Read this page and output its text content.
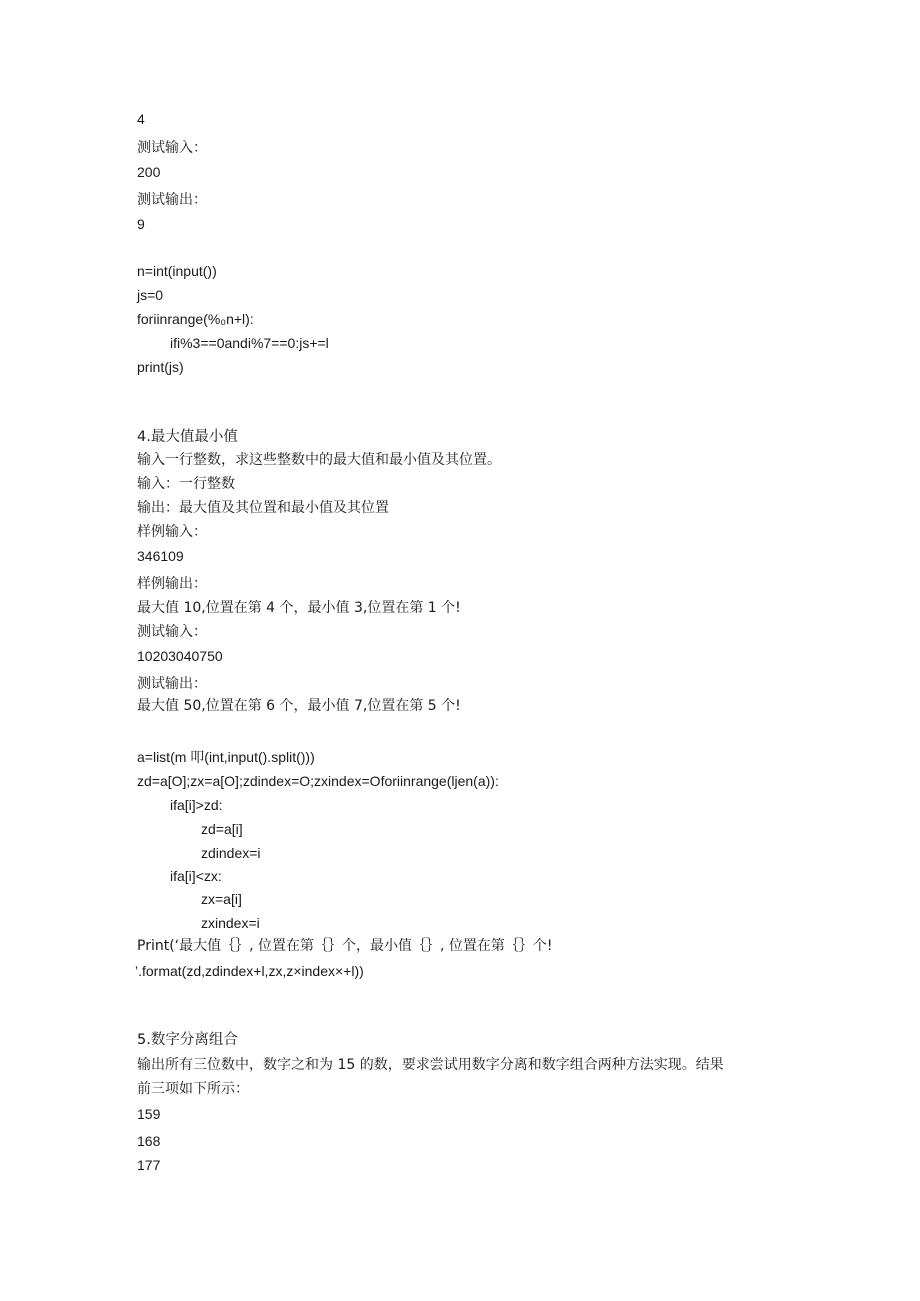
4
测试输入：
200
测试输出：
9
n=int(input())
js=0
foriinrange(%₀n+l):
ifi%3==0andi%7==0:js+=l
print(js)
4.最大值最小值
输入一行整数，求这些整数中的最大值和最小值及其位置。
输入：一行整数
输出：最大值及其位置和最小值及其位置
样例输入：
346109
样例输出：
最大值 10,位置在第 4 个，最小值 3,位置在第 1 个!
测试输入：
10203040750
测试输出：
最大值 50,位置在第 6 个，最小值 7,位置在第 5 个!
a=list(m 叩(int,input().split()))
zd=a[O];zx=a[O];zdindex=O;zxindex=Oforiinrange(ljen(a)):
ifa[i]>zd:
zd=a[i]
zdindex=i
ifa[i]<zx:
zx=a[i]
zxindex=i
Print(‘最大值｛｝, 位置在第｛｝个，最小值｛｝, 位置在第｛｝个!
’.format(zd,zdindex+l,zx,z×index×+l))
5.数字分离组合
输出所有三位数中，数字之和为 15 的数，要求尝试用数字分离和数字组合两种方法实现。结果
前三项如下所示：
159
168
177
